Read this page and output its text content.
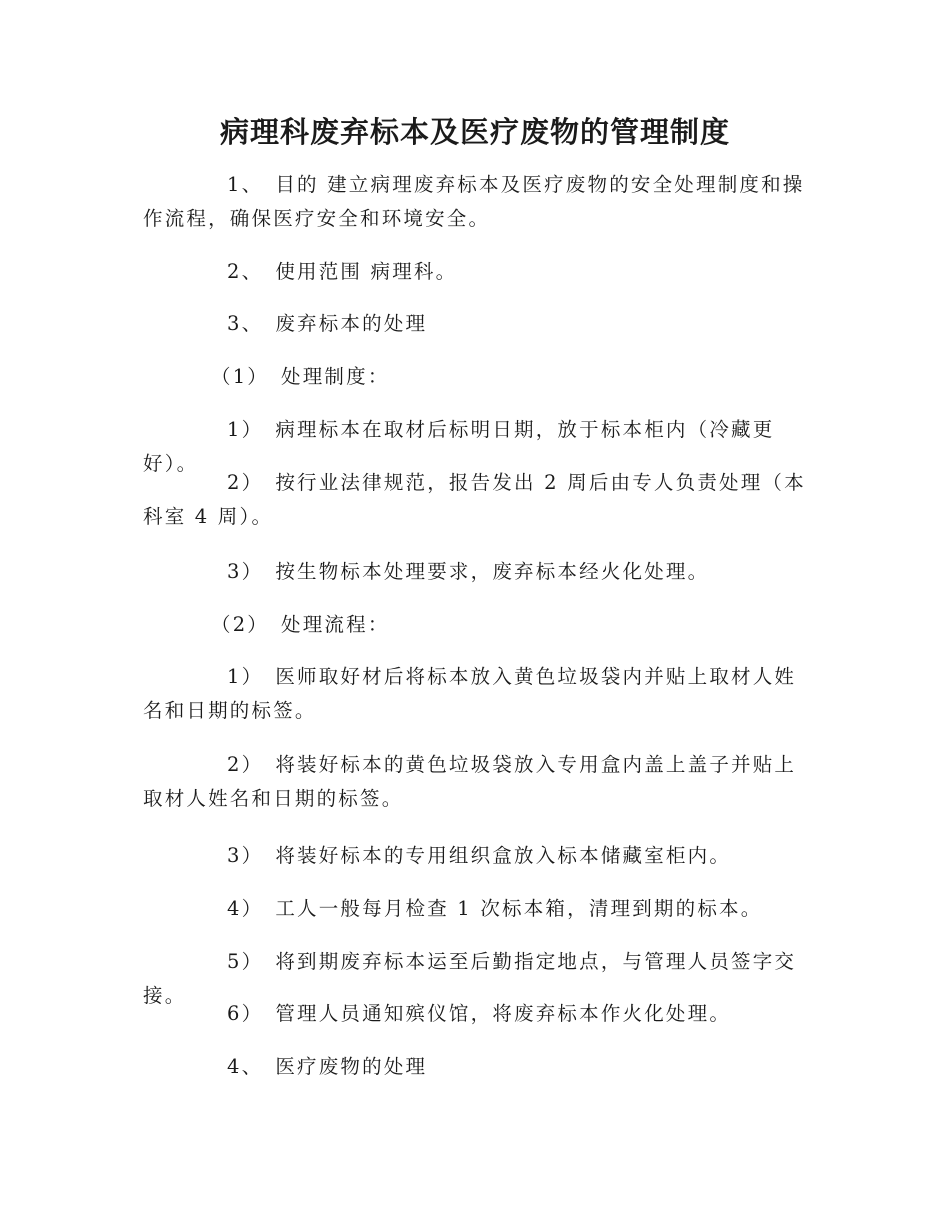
病理科废弃标本及医疗废物的管理制度
1、 目的 建立病理废弃标本及医疗废物的安全处理制度和操作流程，确保医疗安全和环境安全。
2、 使用范围 病理科。
3、 废弃标本的处理
（1） 处理制度：
1） 病理标本在取材后标明日期，放于标本柜内（冷藏更好）。
2） 按行业法律规范，报告发出 2 周后由专人负责处理（本科室 4 周）。
3） 按生物标本处理要求，废弃标本经火化处理。
（2） 处理流程：
1） 医师取好材后将标本放入黄色垃圾袋内并贴上取材人姓名和日期的标签。
2） 将装好标本的黄色垃圾袋放入专用盒内盖上盖子并贴上取材人姓名和日期的标签。
3） 将装好标本的专用组织盒放入标本储藏室柜内。
4） 工人一般每月检查 1 次标本箱，清理到期的标本。
5） 将到期废弃标本运至后勤指定地点，与管理人员签字交接。
6） 管理人员通知殡仪馆，将废弃标本作火化处理。
4、 医疗废物的处理
